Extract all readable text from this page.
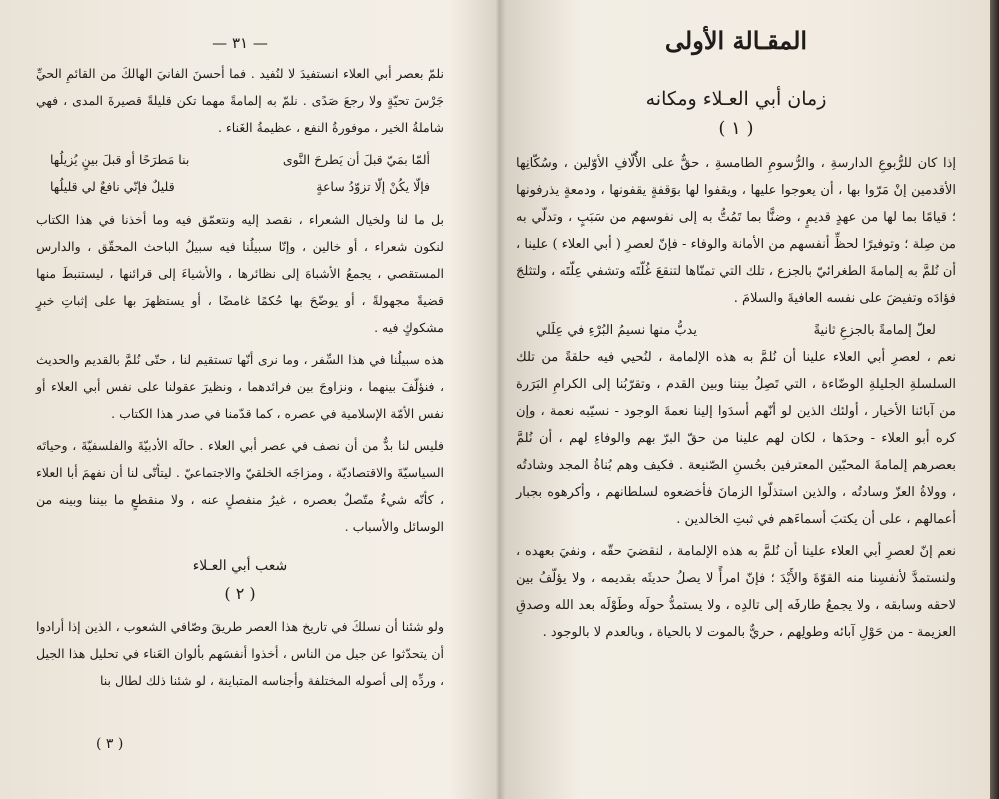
— ٣١ —

نلمّ بعصر أبي العلاء انستفيدَ لا لنُفيد . فما أحسنَ الفانيَ الهالكَ من القائمِ الحيِّ جَرْسَ تحيّةٍ ولا رجعَ صَدًى . نلمّ به إلمامةً مهما تكن قليلةً قصيرةَ المدى ، فهي شاملةُ الخير ، موفورةُ النفع ، عظيمةُ الغَناء .

ألمّا بمَيّ قبلَ أن يَطرحَ النَّوى
بنا مَطرَحًا أو قبلَ بينٍ يُزيلُها
فإلّا يكُنْ إلّا تزوّدُ ساعةٍ
قليلٌ فإنّي نافعٌ لي قليلُها

بل ما لنا ولخيال الشعراء ، نقصد إليه ونتعمّق فيه وما أخذنا في هذا الكتاب لنكون شعراء ، أو خالين ، وإنّا سبيلُنا فيه سبيلُ الباحث المحقّق ، والدارس المستقصي ، يجمعُ الأشباهَ إلى نظائرها ، والأشياءَ إلى قرائنها ، ليستنبطَ منها قضيةً مجهولةً ، أو يوضّحَ بها حُكمًا غامضًا ، أو يستظهرَ بها على إثباتِ خبرٍ مشكوكٍ فيه .

هذه سبيلُنا في هذا السِّفر ، وما نرى أنّها تستقيم لنا ، حتّى نُلمَّ بالقديم والحديث ، فنؤلّفَ بينهما ، ونزاوجَ بين فرائدهما ، ونظيرَ عقولنا على نفس أبي العلاء أو نفس الأمّة الإسلامية في عصره ، كما قدّمنا في صدر هذا الكتاب .

فليس لنا بدٌّ من أن نصف في عصر أبي العلاء . حالَه الأدبيّةَ والفلسفيّةَ ، وحياتَه السياسيّةَ والاقتصاديّة ، ومزاجَه الخلقيّ والاجتماعيّ . ليتأتّى لنا أن نفهمَ أبا العلاء ، كأنّه شيءٌ متّصلٌ بعصره ، غيرُ منفصلٍ عنه ، ولا منقطعٍ ما بيننا وبينه من الوسائل والأسباب .

شعب أبي العـلاء
( ٢ )

ولو شئنا أن نسلكَ في تاريخ هذا العصر طريقَ وصّافي الشعوب ، الذين إذا أرادوا أن يتحدّثوا عن جيل من الناس ، أخذوا أنفسَهم بألوان العَناء في تحليل هذا الجيل ، وردِّه إلى أصوله المختلفة وأجناسه المتباينة ، لو شئنا ذلك لطال بنا

( ٣ )
المقـالة الأولى
زمان أبي العـلاء ومكانه
( ١ )

إذا كان للرُّبوعِ الدارسةِ ، والرُّسومِ الطامسةِ ، حقٌّ على الأُلّافِ الأوّلين ، وسُكّانِها الأقدمين إنْ مَرّوا بها ، أن يعوجوا عليها ، ويقفوا لها بوَقفةٍ يقفونها ، ودمعةٍ يذرفونها ؛ قيامًا بما لها من عهدٍ قديمٍ ، وضنًّا بما تَمُتُّ به إلى نفوسهم من سَبَبٍ ، وتدلّي به من صِلة ؛ وتوفيرًا لحظِّ أنفسهم من الأمانة والوفاء - فإنّ لعصرِ ( أبي العلاء ) علينا ، أن نُلمَّ به إلمامةَ الطغرائيّ بالجزع ، تلك التي تمنّاها لتنقعَ غُلّتَه وتشفي عِلّتَه ، ولتثلجَ فؤادَه وتفيضَ على نفسه العافيةَ والسلامَ .

لعلّ إلمامةً بالجزعِ ثانيةً
يدبُّ منها نسيمُ البُرْءِ في عِلَلي

نعم ، لعصرِ أبي العلاء علينا أن نُلمَّ به هذه الإلمامة ، لنُحيي فيه حلقةً من تلك السلسلةِ الجليلةِ الوضّاءة ، التي تَصِلُ بيننا وبين القدم ، وتقرّبُنا إلى الكرامِ البَرَرة من آبائنا الأخيار ، أولئك الذين لو أنّهم أسدَوا إلينا نعمةَ الوجود - نسيّبه نعمة ، وإن كره أبو العلاء - وحدَها ، لكان لهم علينا من حقّ البرّ بهم والوفاءِ لهم ، أن نُلمَّ بعصرهم إلمامةَ المحبّين المعترفين بحُسنِ الصّنيعة . فكيف وهم بُناةُ المجد وشادتُه ، وولاةُ العزّ وسادتُه ، والذين استذلّوا الزمانَ فأخضعوه لسلطانهم ، وأكرهوه بجبار أعمالهم ، على أن يكتبَ أسماءَهم في ثبتِ الخالدين .

نعم إنّ لعصرِ أبي العلاء علينا أن نُلمَّ به هذه الإلمامة ، لنقضيَ حقّه ، ونفيَ بعهده ، ولنستمدَّ لأنفسِنا منه القوّةَ والأَيْدَ ؛ فإنّ امرأً لا يصلُ حديثَه بقديمه ، ولا يؤلّفُ بين لاحقه وسابقه ، ولا يجمعُ طارفَه إلى تالدِه ، ولا يستمدُّ حولَه وطَوْلَه بعد الله وصدقِ العزيمة - من حَوْلِ آبائه وطولِهم ، حريٌّ بالموت لا بالحياة ، وبالعدم لا بالوجود .
